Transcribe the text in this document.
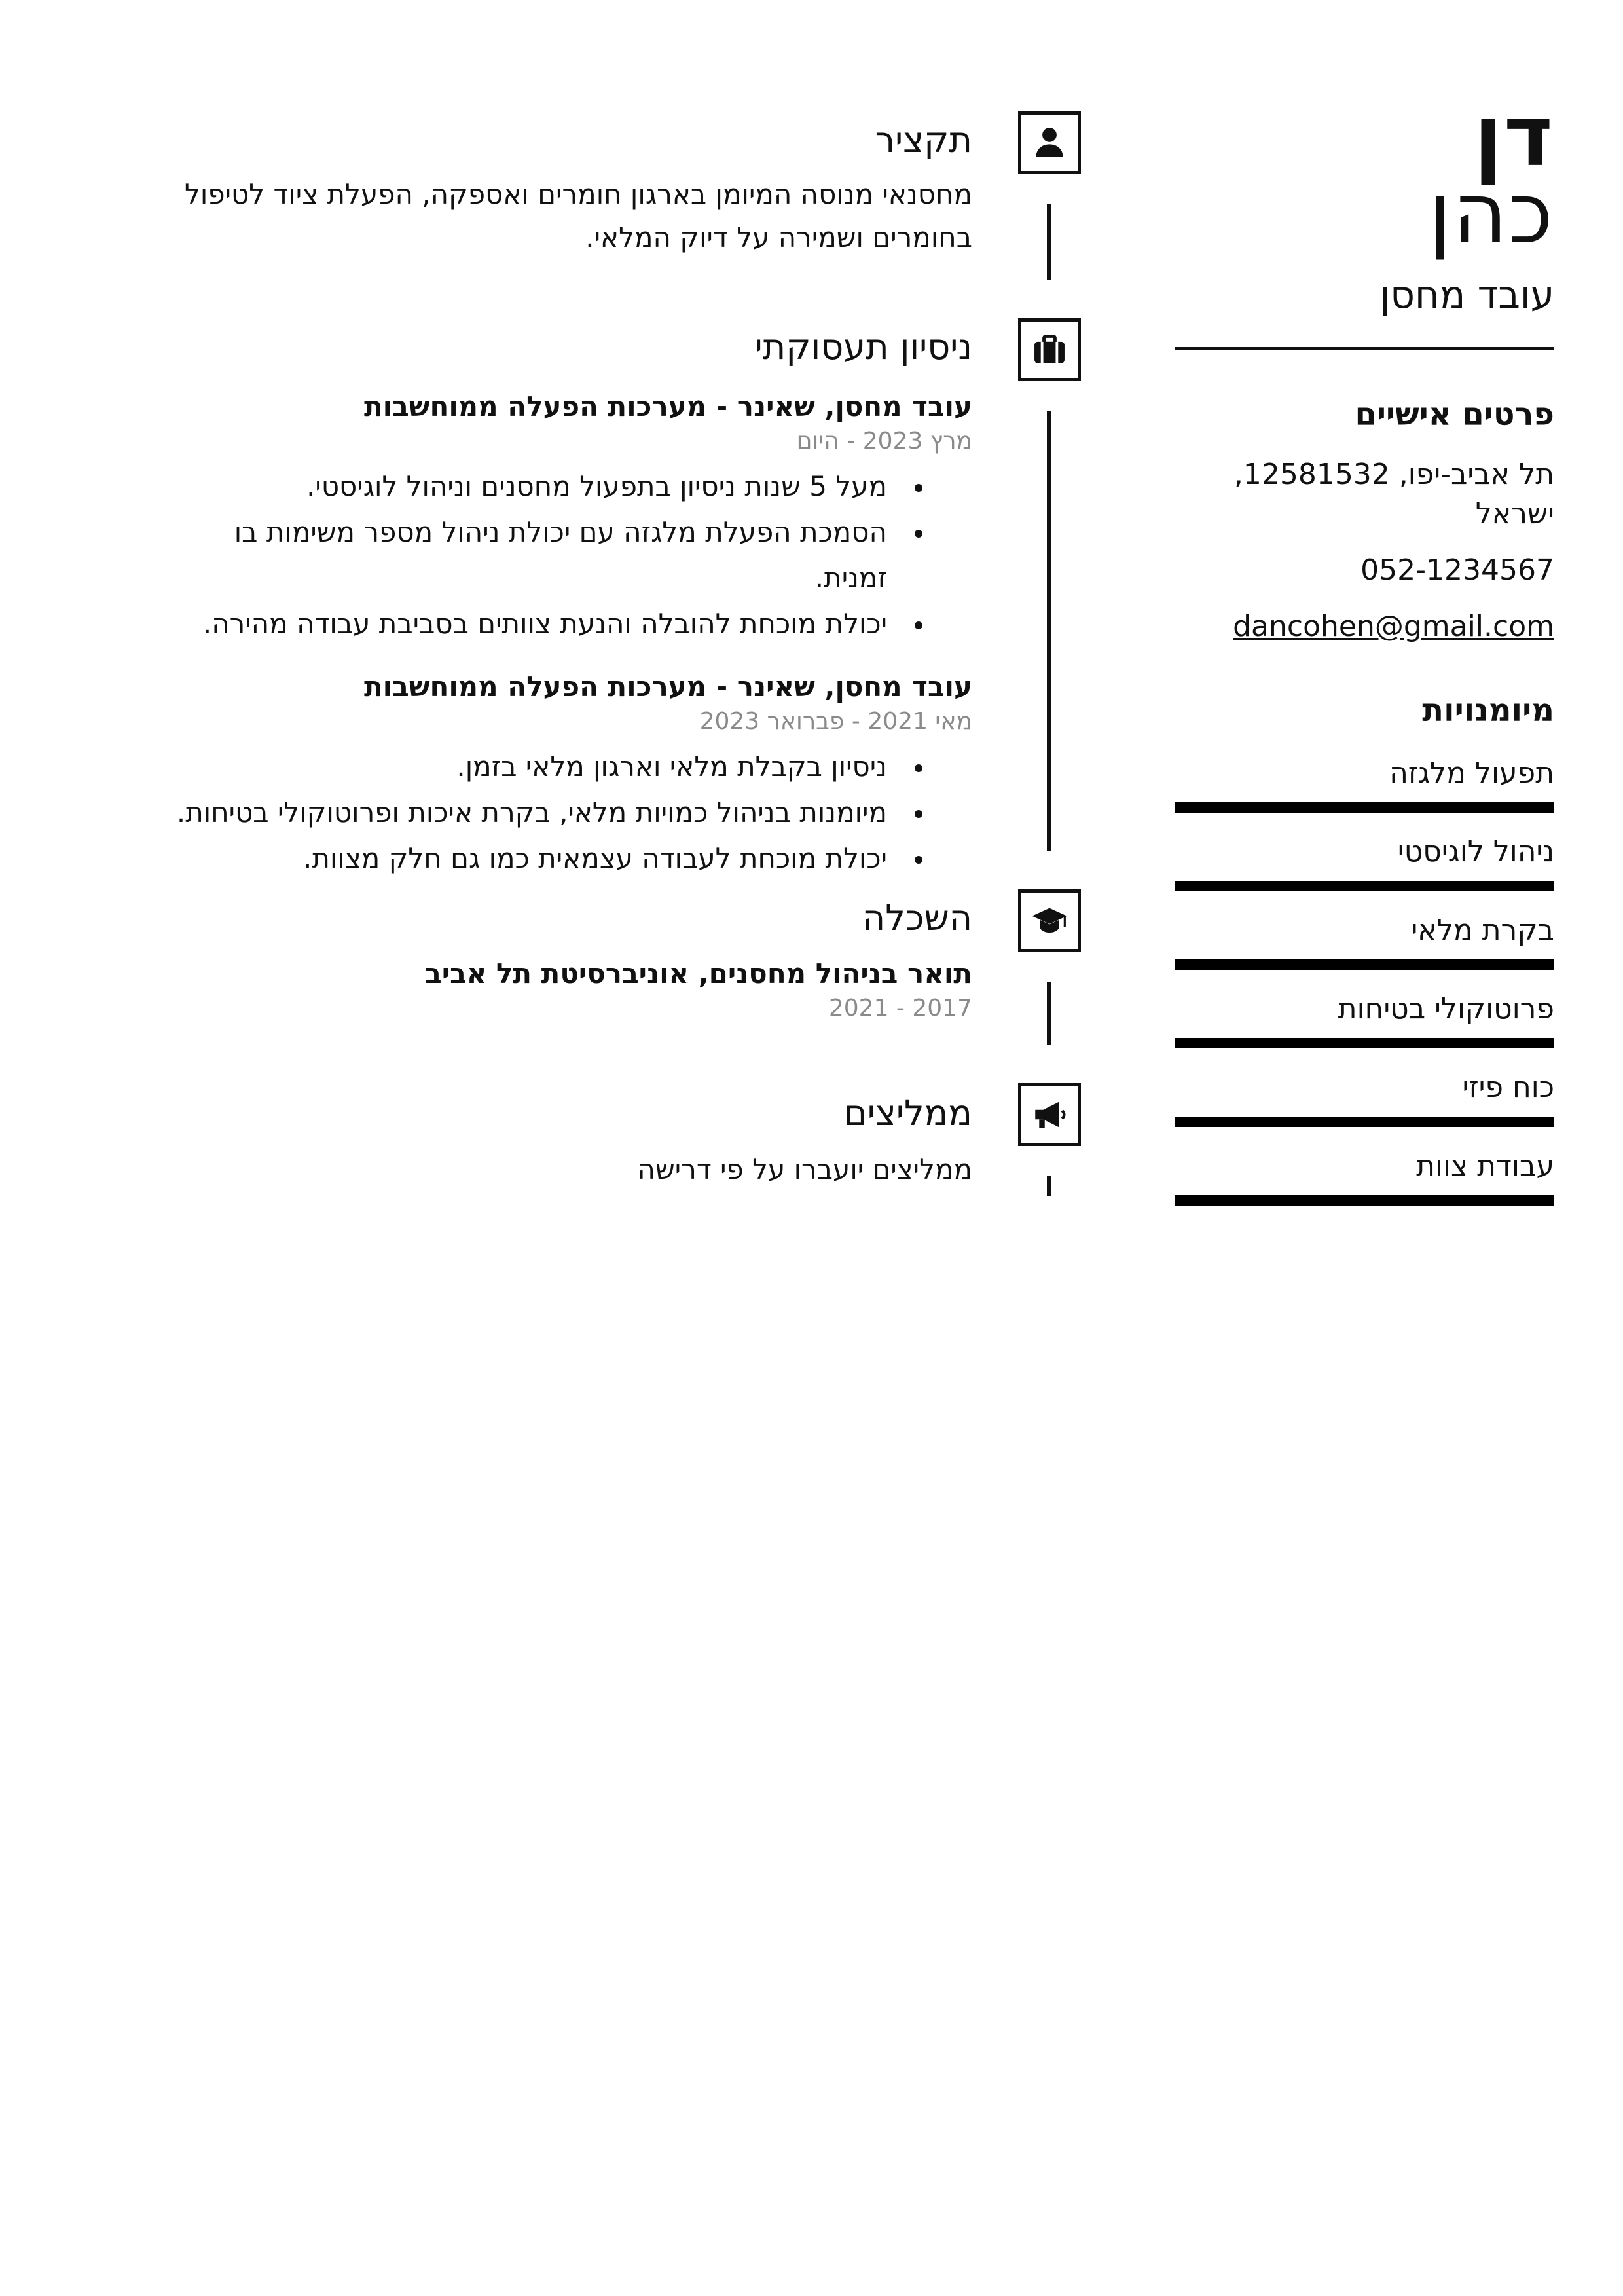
דן
כהן
עובד מחסן
פרטים אישיים
תל אביב-יפו, 12581532, ישראל
052-1234567
dancohen@gmail.com
מיומנויות
תפעול מלגזה
ניהול לוגיסטי
בקרת מלאי
פרוטוקולי בטיחות
כוח פיזי
עבודת צוות
תקציר
מחסנאי מנוסה המיומן בארגון חומרים ואספקה, הפעלת ציוד לטיפול בחומרים ושמירה על דיוק המלאי.
ניסיון תעסוקתי
עובד מחסן, שאינר - מערכות הפעלה ממוחשבות
מרץ 2023 - היום
מעל 5 שנות ניסיון בתפעול מחסנים וניהול לוגיסטי.
הסמכת הפעלת מלגזה עם יכולת ניהול מספר משימות בו זמנית.
יכולת מוכחת להובלה והנעת צוותים בסביבת עבודה מהירה.
עובד מחסן, שאינר - מערכות הפעלה ממוחשבות
מאי 2021 - פברואר 2023
ניסיון בקבלת מלאי וארגון מלאי בזמן.
מיומנות בניהול כמויות מלאי, בקרת איכות ופרוטוקולי בטיחות.
יכולת מוכחת לעבודה עצמאית כמו גם חלק מצוות.
השכלה
תואר בניהול מחסנים, אוניברסיטת תל אביב
2017 - 2021
ממליצים
ממליצים יועברו על פי דרישה
